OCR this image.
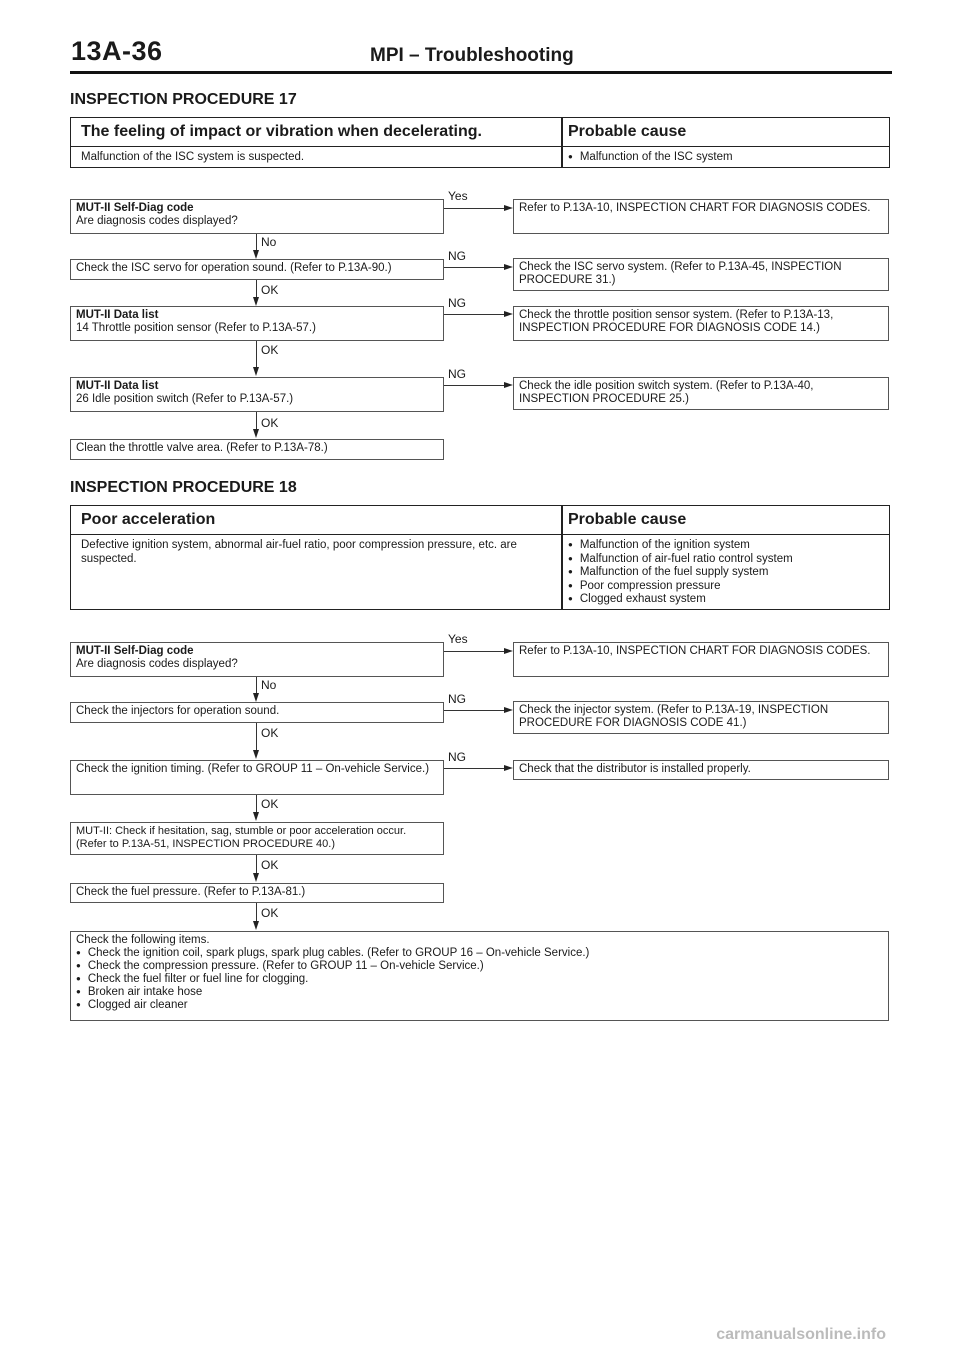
13A-36	MPI – Troubleshooting
INSPECTION PROCEDURE 17
The feeling of impact or vibration when decelerating.	Probable cause
Malfunction of the ISC system is suspected.
●	Malfunction of the ISC system
MUT-II Self-Diag code
Are diagnosis codes displayed?
Yes
Refer to P.13A-10, INSPECTION CHART FOR DIAGNOSIS CODES.
No
Check the ISC servo for operation sound. (Refer to P.13A-90.)
NG
Check the ISC servo system. (Refer to P.13A-45, INSPECTION PROCEDURE 31.)
OK
MUT-II Data list
14 Throttle position sensor (Refer to P.13A-57.)
NG
Check the throttle position sensor system. (Refer to P.13A-13, INSPECTION PROCEDURE FOR DIAGNOSIS CODE 14.)
OK
MUT-II Data list
26 Idle position switch (Refer to P.13A-57.)
NG
Check the idle position switch system. (Refer to P.13A-40, INSPECTION PROCEDURE 25.)
OK
Clean the throttle valve area. (Refer to P.13A-78.)
INSPECTION PROCEDURE 18
Poor acceleration	Probable cause
Defective ignition system, abnormal air-fuel ratio, poor compression pressure, etc. are suspected.
● Malfunction of the ignition system
● Malfunction of air-fuel ratio control system
● Malfunction of the fuel supply system
● Poor compression pressure
● Clogged exhaust system
MUT-II Self-Diag code
Are diagnosis codes displayed?
Yes
Refer to P.13A-10, INSPECTION CHART FOR DIAGNOSIS CODES.
No
Check the injectors for operation sound.
NG
Check the injector system. (Refer to P.13A-19, INSPECTION PROCEDURE FOR DIAGNOSIS CODE 41.)
OK
Check the ignition timing. (Refer to GROUP 11 – On-vehicle Service.)
NG
Check that the distributor is installed properly.
OK
MUT-II: Check if hesitation, sag, stumble or poor acceleration occur. (Refer to P.13A-51, INSPECTION PROCEDURE 40.)
OK
Check the fuel pressure. (Refer to P.13A-81.)
OK
Check the following items.
● Check the ignition coil, spark plugs, spark plug cables. (Refer to GROUP 16 – On-vehicle Service.)
● Check the compression pressure. (Refer to GROUP 11 – On-vehicle Service.)
● Check the fuel filter or fuel line for clogging.
● Broken air intake hose
● Clogged air cleaner
carmanualsonline.info
